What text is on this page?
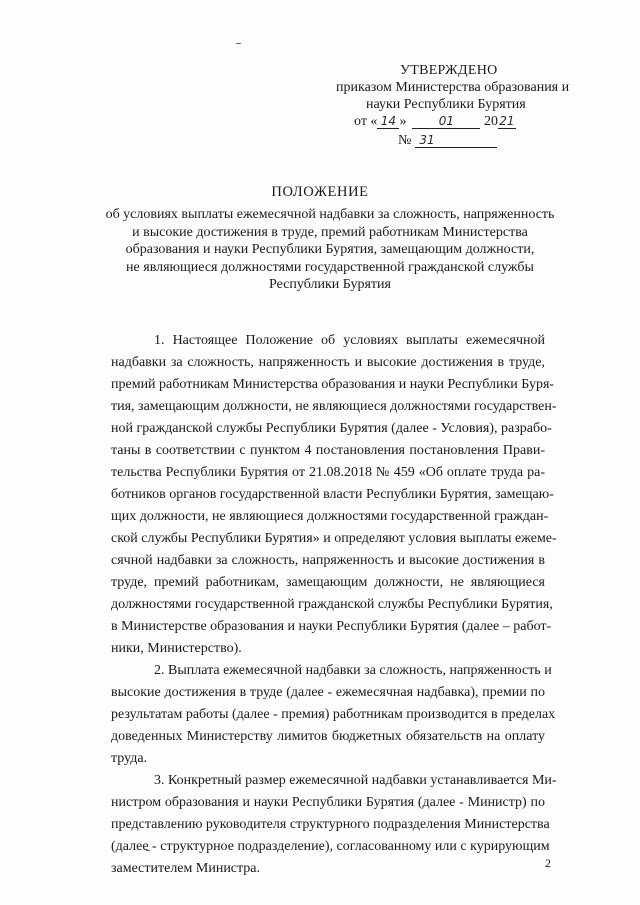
УТВЕРЖДЕНО
приказом Министерства образования и
науки Республики Бурятия
от « 14 »	01 2021
№ 31
ПОЛОЖЕНИЕ
об условиях выплаты ежемесячной надбавки за сложность, напряженность
и высокие достижения в труде, премий работникам Министерства
образования и науки Республики Бурятия, замещающим должности,
не являющиеся должностями государственной гражданской службы
Республики Бурятия
1. Настоящее Положение об условиях выплаты ежемесячной
надбавки за сложность, напряженность и высокие достижения в труде,
премий работникам Министерства образования и науки Республики Буря-
тия, замещающим должности, не являющиеся должностями государствен-
ной гражданской службы Республики Бурятия (далее - Условия), разрабо-
таны в соответствии с пунктом 4 постановления постановления Прави-
тельства Республики Бурятия от 21.08.2018 № 459 «Об оплате труда ра-
ботников органов государственной власти Республики Бурятия, замещаю-
щих должности, не являющиеся должностями государственной граждан-
ской службы Республики Бурятия» и определяют условия выплаты ежеме-
сячной надбавки за сложность, напряженность и высокие достижения в
труде, премий работникам, замещающим должности, не являющиеся
должностями государственной гражданской службы Республики Бурятия,
в Министерстве образования и науки Республики Бурятия (далее – работ-
ники, Министерство).
2. Выплата ежемесячной надбавки за сложность, напряженность и
высокие достижения в труде (далее - ежемесячная надбавка), премии по
результатам работы (далее - премия) работникам производится в пределах
доведенных Министерству лимитов бюджетных обязательств на оплату
труда.
3. Конкретный размер ежемесячной надбавки устанавливается Ми-
нистром образования и науки Республики Бурятия (далее - Министр) по
представлению руководителя структурного подразделения Министерства
(далее - структурное подразделение), согласованному или с курирующим
заместителем Министра.	2
